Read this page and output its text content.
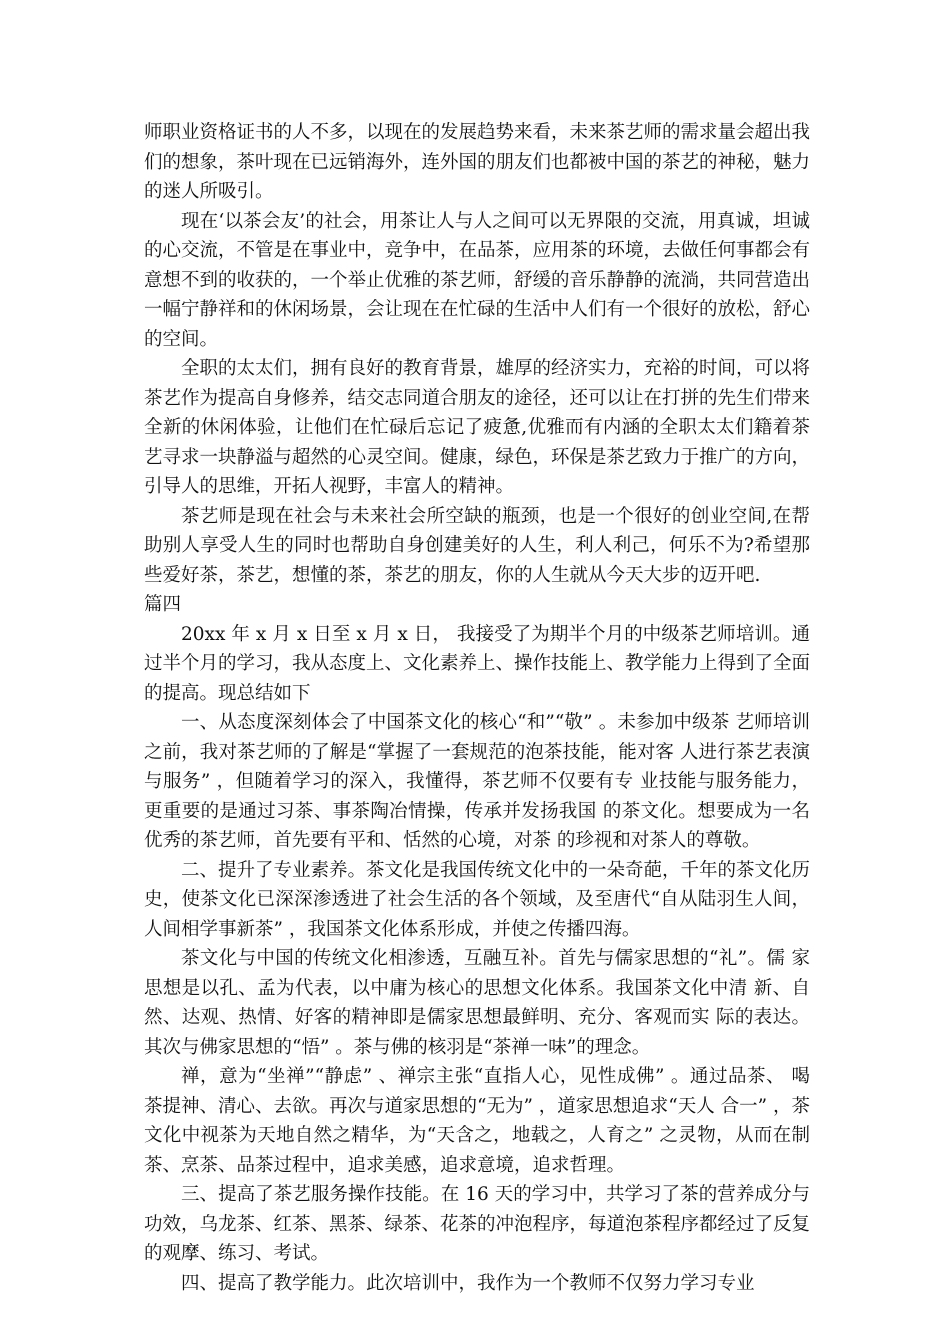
师职业资格证书的人不多，以现在的发展趋势来看，未来茶艺师的需求量会超出我们的想象，茶叶现在已远销海外，连外国的朋友们也都被中国的茶艺的神秘，魅力的迷人所吸引。

现在‘以茶会友’的社会，用茶让人与人之间可以无界限的交流，用真诚，坦诚的心交流，不管是在事业中，竞争中，在品茶，应用茶的环境，去做任何事都会有意想不到的收获的，一个举止优雅的茶艺师，舒缓的音乐静静的流淌，共同营造出一幅宁静祥和的休闲场景，会让现在在忙碌的生活中人们有一个很好的放松，舒心的空间。

全职的太太们，拥有良好的教育背景，雄厚的经济实力，充裕的时间，可以将茶艺作为提高自身修养，结交志同道合朋友的途径，还可以让在打拼的先生们带来全新的休闲体验，让他们在忙碌后忘记了疲惫,优雅而有内涵的全职太太们籍着茶艺寻求一块静溢与超然的心灵空间。健康，绿色，环保是茶艺致力于推广的方向，引导人的思维，开拓人视野，丰富人的精神。

茶艺师是现在社会与未来社会所空缺的瓶颈，也是一个很好的创业空间,在帮助别人享受人生的同时也帮助自身创建美好的人生，利人利己，何乐不为?希望那些爱好茶，茶艺，想懂的茶，茶艺的朋友，你的人生就从今天大步的迈开吧.

篇四

20xx 年 x 月 x 日至 x 月 x 日， 我接受了为期半个月的中级茶艺师培训。通过半个月的学习，我从态度上、文化素养上、操作技能上、教学能力上得到了全面的提高。现总结如下

一、从态度深刻体会了中国茶文化的核心“和”“敬” 。未参加中级茶 艺师培训之前，我对茶艺师的了解是“掌握了一套规范的泡茶技能，能对客 人进行茶艺表演与服务” ，但随着学习的深入，我懂得，茶艺师不仅要有专 业技能与服务能力，更重要的是通过习茶、事茶陶冶情操，传承并发扬我国 的茶文化。想要成为一名优秀的茶艺师，首先要有平和、恬然的心境，对茶 的珍视和对茶人的尊敬。

二、提升了专业素养。茶文化是我国传统文化中的一朵奇葩，千年的茶文化历史，使茶文化已深深渗透进了社会生活的各个领域，及至唐代“自从陆羽生人间，人间相学事新茶” ，我国茶文化体系形成，并使之传播四海。

茶文化与中国的传统文化相渗透，互融互补。首先与儒家思想的“礼”。儒 家思想是以孔、孟为代表，以中庸为核心的思想文化体系。我国茶文化中清 新、自然、达观、热情、好客的精神即是儒家思想最鲜明、充分、客观而实 际的表达。其次与佛家思想的“悟” 。茶与佛的核羽是“茶禅一味”的理念。

禅，意为“坐禅”“静虑” 、禅宗主张“直指人心，见性成佛” 。通过品茶、 喝茶提神、清心、去欲。再次与道家思想的“无为” ，道家思想追求“天人 合一” ，茶文化中视茶为天地自然之精华，为“天含之，地载之，人育之” 之灵物，从而在制茶、烹茶、品茶过程中，追求美感，追求意境，追求哲理。

三、提高了茶艺服务操作技能。在 16 天的学习中，共学习了茶的营养成分与功效，乌龙茶、红茶、黑茶、绿茶、花茶的冲泡程序，每道泡茶程序都经过了反复的观摩、练习、考试。

四、提高了教学能力。此次培训中，我作为一个教师不仅努力学习专业
